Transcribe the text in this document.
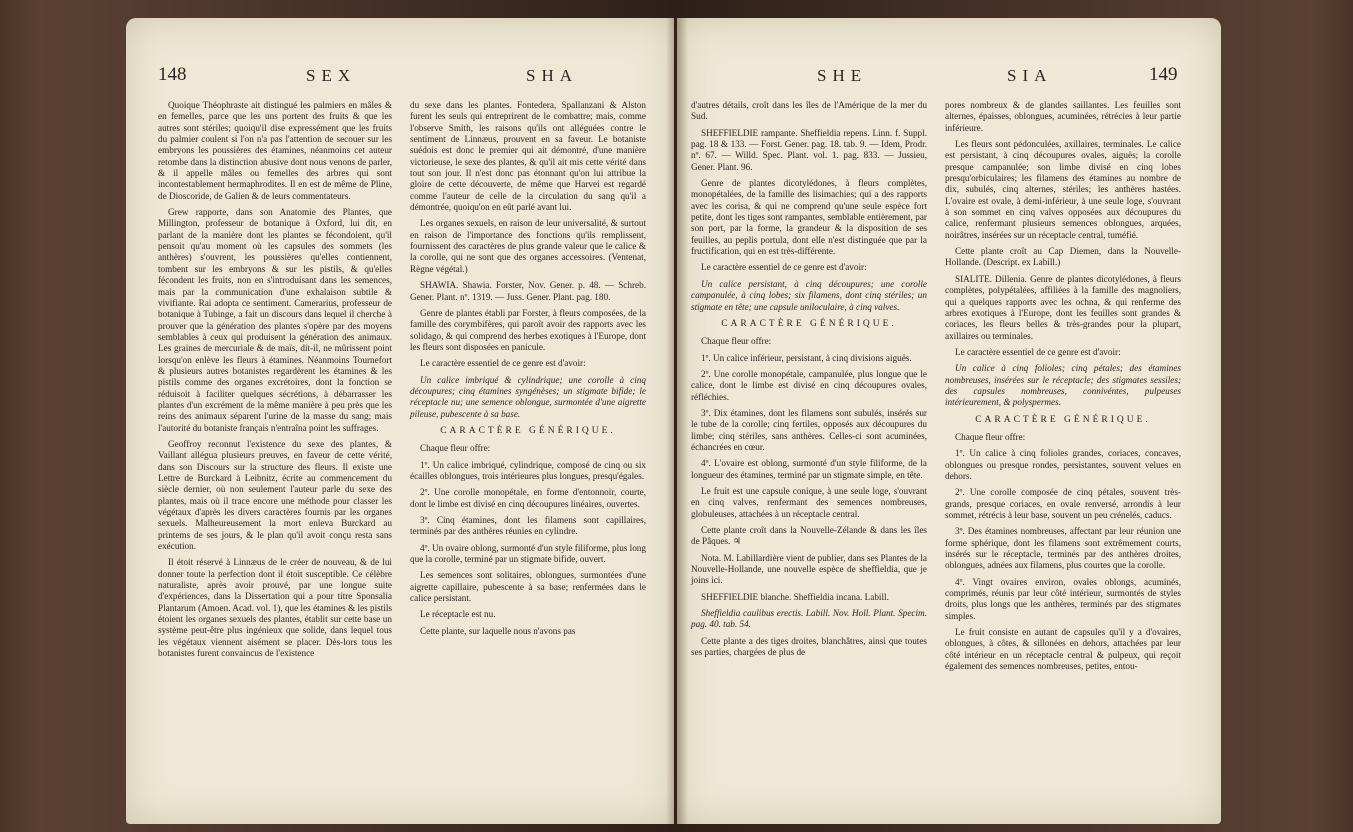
148	SEX	SHA

Quoique Théophraste ait distingué les palmiers en mâles & en femelles, parce que les uns portent des fruits & que les autres sont stériles; quoiqu'il dise expressément que les fruits du palmier coulent si l'on n'a pas l'attention de secouer sur les embryons les poussières des étamines, néanmoins cet auteur retombe dans la distinction abusive dont nous venons de parler, & il appelle mâles ou femelles des arbres qui sont incontestablement hermaphrodites. Il en est de même de Pline, de Dioscoride, de Galien & de leurs commentateurs.

Grew rapporte, dans son Anatomie des Plantes, que Millington, professeur de botanique à Oxford, lui dit, en parlant de la manière dont les plantes se fécondoient, qu'il pensoit qu'au moment où les capsules des sommets (les anthères) s'ouvrent, les poussières qu'elles contiennent, tombent sur les embryons & sur les pistils, & qu'elles fécondent les fruits, non en s'introduisant dans les semences, mais par la communication d'une exhalaison subtile & vivifiante. Rai adopta ce sentiment. Camerarius, professeur de botanique à Tubinge, a fait un discours dans lequel il cherche à prouver que la génération des plantes s'opère par des moyens semblables à ceux qui produisent la génération des animaux. Les graines de mercuriale & de maïs, dit-il, ne mûrissent point lorsqu'on enlève les fleurs à étamines. Néanmoins Tournefort & plusieurs autres botanistes regardèrent les étamines & les pistils comme des organes excrétoires, dont la fonction se réduisoit à faciliter quelques sécrétions, à débarrasser les plantes d'un excrément de la même manière à peu près que les reins des animaux séparent l'urine de la masse du sang; mais l'autorité du botaniste français n'entraîna point les suffrages.

Geoffroy reconnut l'existence du sexe des plantes, & Vaillant allégua plusieurs preuves, en faveur de cette vérité, dans son Discours sur la structure des fleurs. Il existe une Lettre de Burckard à Leibnitz, écrite au commencement du siècle dernier, où non seulement l'auteur parle du sexe des plantes, mais où il trace encore une méthode pour classer les végétaux d'après les divers caractères fournis par les organes sexuels. Malheureusement la mort enleva Burckard au printems de ses jours, & le plan qu'il avoit conçu resta sans exécution.

Il étoit réservé à Linnæus de le créer de nouveau, & de lui donner toute la perfection dont il étoit susceptible. Ce célèbre naturaliste, après avoir prouvé, par une longue suite d'expériences, dans la Dissertation qui a pour titre Sponsalia Plantarum (Amoen. Acad. vol. 1), que les étamines & les pistils étoient les organes sexuels des plantes, établit sur cette base un système peut-être plus ingénieux que solide, dans lequel tous les végétaux viennent aisément se placer. Dès-lors tous les botanistes furent convaincus de l'existence

du sexe dans les plantes. Fontedera, Spallanzani & Alston furent les seuls qui entreprirent de le combattre; mais, comme l'observe Smith, les raisons qu'ils ont alléguées contre le sentiment de Linnæus, prouvent en sa faveur. Le botaniste suédois est donc le premier qui ait démontré, d'une manière victorieuse, le sexe des plantes, & qu'il ait mis cette vérité dans tout son jour. Il n'est donc pas étonnant qu'on lui attribue la gloire de cette découverte, de même que Harvei est regardé comme l'auteur de celle de la circulation du sang qu'il a démontrée, quoiqu'on en eût parlé avant lui.

Les organes sexuels, en raison de leur universalité, & surtout en raison de l'importance des fonctions qu'ils remplissent, fournissent des caractères de plus grande valeur que le calice & la corolle, qui ne sont que des organes accessoires. (Ventenat, Règne végétal.)

SHAWIA. Shawia. Forster, Nov. Gener. p. 48. — Schreb. Gener. Plant. nº. 1319. — Juss. Gener. Plant. pag. 180.

Genre de plantes établi par Forster, à fleurs composées, de la famille des corymbifères, qui paroît avoir des rapports avec les solidago, & qui comprend des herbes exotiques à l'Europe, dont les fleurs sont disposées en panicule.

Le caractère essentiel de ce genre est d'avoir:

Un calice imbriqué & cylindrique; une corolle à cinq découpures; cinq étamines syngénèses; un stigmate bifide; le réceptacle nu; une semence oblongue, surmontée d'une aigrette pileuse, pubescente à sa base.

CARACTÈRE GÉNÉRIQUE.

Chaque fleur offre:

1º. Un calice imbriqué, cylindrique, composé de cinq ou six écailles oblongues, trois intérieures plus longues, presqu'égales.

2º. Une corolle monopétale, en forme d'entonnoir, courte, dont le limbe est divisé en cinq découpures linéaires, ouvertes.

3º. Cinq étamines, dont les filamens sont capillaires, terminés par des anthères réunies en cylindre.

4º. Un ovaire oblong, surmonté d'un style filiforme, plus long que la corolle, terminé par un stigmate bifide, ouvert.

Les semences sont solitaires, oblongues, surmontées d'une aigrette capillaire, pubescente à sa base; renfermées dans le calice persistant.

Le réceptacle est nu.

Cette plante, sur laquelle nous n'avons pas

SHE	SIA	149

d'autres détails, croît dans les îles de l'Amérique de la mer du Sud.

SHEFFIELDIE rampante. Sheffieldia repens. Linn. f. Suppl. pag. 18 & 133. — Forst. Gener. pag. 18. tab. 9. — Idem, Prodr. nº. 67. — Willd. Spec. Plant. vol. 1. pag. 833. — Jussieu, Gener. Plant. 96.

Genre de plantes dicotylédones, à fleurs complètes, monopétalées, de la famille des lisimachies; qui a des rapports avec les corisa, & qui ne comprend qu'une seule espèce fort petite, dont les tiges sont rampantes, semblable entièrement, par son port, par la forme, la grandeur & la disposition de ses feuilles, au peplis portula, dont elle n'est distinguée que par la fructification, qui en est très-différente.

Le caractère essentiel de ce genre est d'avoir:

Un calice persistant, à cinq découpures; une corolle campanulée, à cinq lobes; six filamens, dont cinq stériles; un stigmate en tête; une capsule uniloculaire, à cinq valves.

CARACTÈRE GÉNÉRIQUE.

Chaque fleur offre:

1º. Un calice inférieur, persistant, à cinq divisions aiguës.

2º. Une corolle monopétale, campanulée, plus longue que le calice, dont le limbe est divisé en cinq découpures ovales, réfléchies.

3º. Dix étamines, dont les filamens sont subulés, insérés sur le tube de la corolle; cinq fertiles, opposés aux découpures du limbe; cinq stériles, sans anthères. Celles-ci sont acuminées, échancrées en cœur.

4º. L'ovaire est oblong, surmonté d'un style filiforme, de la longueur des étamines, terminé par un stigmate simple, en tête.

Le fruit est une capsule conique, à une seule loge, s'ouvrant en cinq valves, renfermant des semences nombreuses, globuleuses, attachées à un réceptacle central.

Cette plante croît dans la Nouvelle-Zélande & dans les îles de Pâques. ♃

Nota. M. Labillardière vient de publier, dans ses Plantes de la Nouvelle-Hollande, une nouvelle espèce de sheffieldia, que je joins ici.

SHEFFIELDIE blanche. Sheffieldia incana. Labill.

Sheffieldia caulibus erectis. Labill. Nov. Holl. Plant. Specim. pag. 40. tab. 54.

Cette plante a des tiges droites, blanchâtres, ainsi que toutes ses parties, chargées de plus de

pores nombreux & de glandes saillantes. Les feuilles sont alternes, épaisses, oblongues, acuminées, rétrécies à leur partie inférieure.

Les fleurs sont pédonculées, axillaires, terminales. Le calice est persistant, à cinq découpures ovales, aiguës; la corolle presque campanulée; son limbe divisé en cinq lobes presqu'orbiculaires; les filamens des étamines au nombre de dix, subulés, cinq alternes, stériles; les anthères hastées. L'ovaire est ovale, à demi-inférieur, à une seule loge, s'ouvrant à son sommet en cinq valves opposées aux découpures du calice, renfermant plusieurs semences oblongues, arquées, noirâtres, insérées sur un réceptacle central, tuméfié.

Cette plante croît au Cap Diemen, dans la Nouvelle-Hollande. (Descript. ex Labill.)

SIALITE. Dillenia. Genre de plantes dicotylédones, à fleurs complètes, polypétalées, affiliées à la famille des magnoliers, qui a quelques rapports avec les ochna, & qui renferme des arbres exotiques à l'Europe, dont les feuilles sont grandes & coriaces, les fleurs belles & très-grandes pour la plupart, axillaires ou terminales.

Le caractère essentiel de ce genre est d'avoir:

Un calice à cinq folioles; cinq pétales; des étamines nombreuses, insérées sur le réceptacle; des stigmates sessiles; des capsules nombreuses, connivéntes, pulpeuses intérieurement, & polyspermes.

CARACTÈRE GÉNÉRIQUE.

Chaque fleur offre:

1º. Un calice à cinq folioles grandes, coriaces, concaves, oblongues ou presque rondes, persistantes, souvent velues en dehors.

2º. Une corolle composée de cinq pétales, souvent très-grands, presque coriaces, en ovale renversé, arrondis à leur sommet, rétrécis à leur base, souvent un peu crénelés, caducs.

3º. Des étamines nombreuses, affectant par leur réunion une forme sphérique, dont les filamens sont extrêmement courts, insérés sur le réceptacle, terminés par des anthères droites, oblongues, adnées aux filamens, plus courtes que la corolle.

4º. Vingt ovaires environ, ovales oblongs, acuminés, comprimés, réunis par leur côté intérieur, surmontés de styles droits, plus longs que les anthères, terminés par des stigmates simples.

Le fruit consiste en autant de capsules qu'il y a d'ovaires, oblongues, à côtes, & sillonées en dehors, attachées par leur côté intérieur en un réceptacle central & pulpeux, qui reçoit également des semences nombreuses, petites, entou-
